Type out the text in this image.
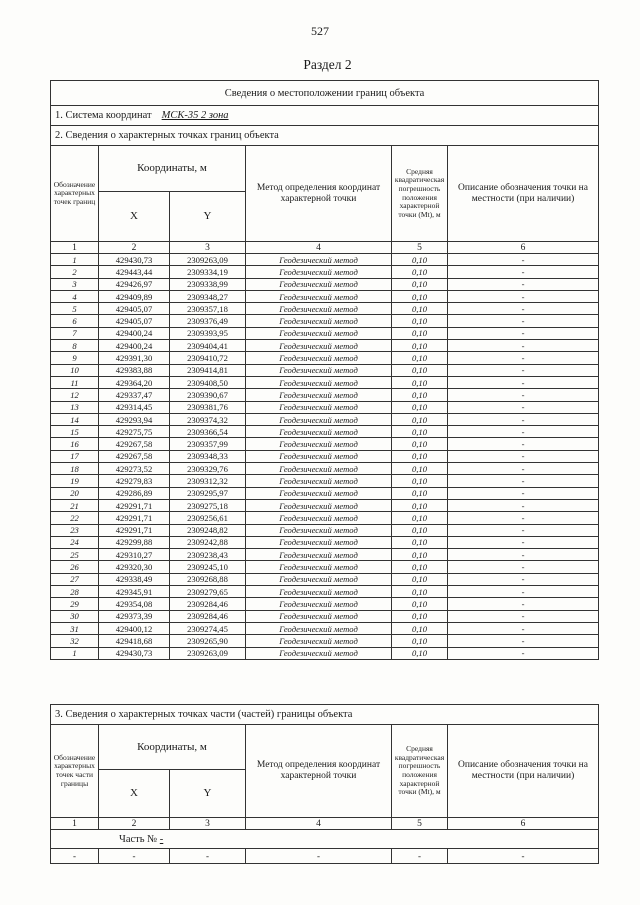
527
Раздел 2
Сведения о местоположении границ объекта					
1. Система координат МСК-35 2 зона					
2. Сведения о характерных точках границ объекта					
Обозначение характерных точек границ	Координаты, м		Метод определения координат характерной точки	Средняя квадратическая погрешность положения характерной точки (Mt), м	Описание обозначения точки на местности (при наличии)
	X	Y			
1	2	3	4	5	6
1	429430,73	2309263,09	Геодезический метод	0,10	-
2	429443,44	2309334,19	Геодезический метод	0,10	-
3	429426,97	2309338,99	Геодезический метод	0,10	-
4	429409,89	2309348,27	Геодезический метод	0,10	-
5	429405,07	2309357,18	Геодезический метод	0,10	-
6	429405,07	2309376,49	Геодезический метод	0,10	-
7	429400,24	2309393,95	Геодезический метод	0,10	-
8	429400,24	2309404,41	Геодезический метод	0,10	-
9	429391,30	2309410,72	Геодезический метод	0,10	-
10	429383,88	2309414,81	Геодезический метод	0,10	-
11	429364,20	2309408,50	Геодезический метод	0,10	-
12	429337,47	2309390,67	Геодезический метод	0,10	-
13	429314,45	2309381,76	Геодезический метод	0,10	-
14	429293,94	2309374,32	Геодезический метод	0,10	-
15	429275,75	2309366,54	Геодезический метод	0,10	-
16	429267,58	2309357,99	Геодезический метод	0,10	-
17	429267,58	2309348,33	Геодезический метод	0,10	-
18	429273,52	2309329,76	Геодезический метод	0,10	-
19	429279,83	2309312,32	Геодезический метод	0,10	-
20	429286,89	2309295,97	Геодезический метод	0,10	-
21	429291,71	2309275,18	Геодезический метод	0,10	-
22	429291,71	2309256,61	Геодезический метод	0,10	-
23	429291,71	2309248,82	Геодезический метод	0,10	-
24	429299,88	2309242,88	Геодезический метод	0,10	-
25	429310,27	2309238,43	Геодезический метод	0,10	-
26	429320,30	2309245,10	Геодезический метод	0,10	-
27	429338,49	2309268,88	Геодезический метод	0,10	-
28	429345,91	2309279,65	Геодезический метод	0,10	-
29	429354,08	2309284,46	Геодезический метод	0,10	-
30	429373,39	2309284,46	Геодезический метод	0,10	-
31	429400,12	2309274,45	Геодезический метод	0,10	-
32	429418,68	2309265,90	Геодезический метод	0,10	-
1	429430,73	2309263,09	Геодезический метод	0,10	-
3. Сведения о характерных точках части (частей) границы объекта					
Обозначение характерных точек части границы	Координаты, м		Метод определения координат характерной точки	Средняя квадратическая погрешность положения характерной точки (Mt), м	Описание обозначения точки на местности (при наличии)
	X	Y			
1	2	3	4	5	6
Часть № -					
-	-	-	-	-	-
